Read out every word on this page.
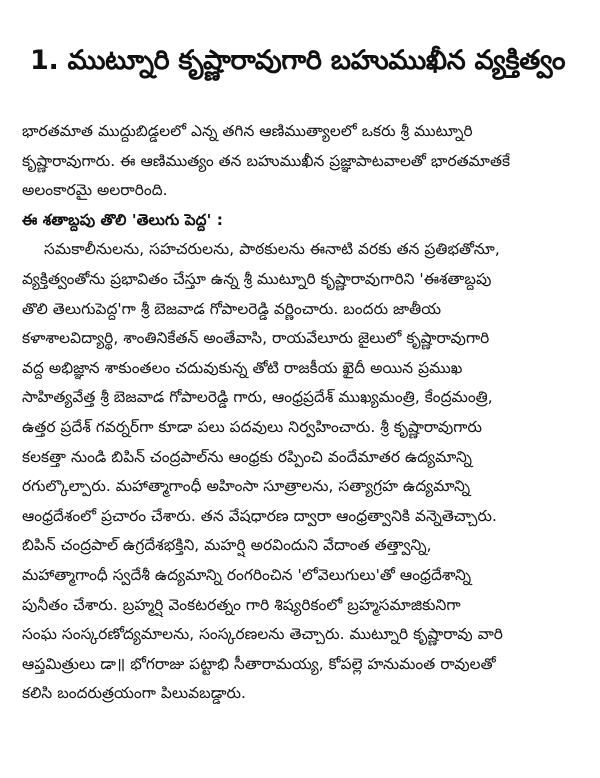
1. ముట్నూరి కృష్ణారావుగారి బహుముఖీన వ్యక్తిత్వం
భారతమాత ముద్దుబిడ్డలలో ఎన్న తగిన ఆణిముత్యాలలో ఒకరు శ్రీ ముట్నూరి
కృష్ణారావుగారు. ఈ ఆణిముత్యం తన బహుముఖీన ప్రజ్ఞాపాటవాలతో భారతమాతకే
అలంకారమై అలరారింది.
ఈ శతాబ్దపు తొలి 'తెలుగు పెద్ద' :
సమకాలీనులను, సహచరులను, పాఠకులను ఈనాటి వరకు తన ప్రతిభతోనూ,
వ్యక్తిత్వంతోను ప్రభావితం చేస్తూ ఉన్న శ్రీ ముట్నూరి కృష్ణారావుగారిని 'ఈశతాబ్దపు
తొలి తెలుగుపెద్ద'గా శ్రీ బెజవాడ గోపాలరెడ్డి వర్ణించారు. బందరు జాతీయ
కళాశాలవిద్యార్థి, శాంతినికేతన్ అంతేవాసి, రాయవేలూరు జైలులో కృష్ణారావుగారి
వద్ద అభిజ్ఞాన శాకుంతలం చదువుకున్న తోటి రాజకీయ ఖైదీ అయిన ప్రముఖ
సాహిత్యవేత్త శ్రీ బెజవాడ గోపాలరెడ్డి గారు, ఆంధ్రప్రదేశ్ ముఖ్యమంత్రి, కేంద్రమంత్రి,
ఉత్తర ప్రదేశ్ గవర్నర్‌గా కూడా పలు పదవులు నిర్వహించారు. శ్రీ కృష్ణారావుగారు
కలకత్తా నుండి బిపిన్ చంద్రపాల్‌ను ఆంధ్రకు రప్పించి వందేమాతర ఉద్యమాన్ని
రగుల్కొల్పారు. మహాత్మాగాంధీ అహింసా సూత్రాలను, సత్యాగ్రహ ఉద్యమాన్ని
ఆంధ్రదేశంలో ప్రచారం చేశారు. తన వేషధారణ ద్వారా ఆంధ్రత్వానికి వన్నెతెచ్చారు.
బిపిన్ చంద్రపాల్ ఉగ్రదేశభక్తిని, మహర్షి అరవిందుని వేదాంత తత్త్వాన్ని,
మహాత్మాగాంధీ స్వదేశీ ఉద్యమాన్ని రంగరించిన 'లోవెలుగులు'తో ఆంధ్రదేశాన్ని
పునీతం చేశారు. బ్రహ్మర్షి వెంకటరత్నం గారి శిష్యరికంలో బ్రహ్మసమాజికునిగా
సంఘ సంస్కరణోద్యమాలను, సంస్కరణలను తెచ్చారు. ముట్నూరి కృష్ణారావు వారి
ఆప్తమిత్రులు డా॥ భోగరాజు పట్టాభి సీతారామయ్య, కోపల్లె హనుమంత రావులతో
కలిసి బందరుత్రయంగా పిలువబడ్డారు.
